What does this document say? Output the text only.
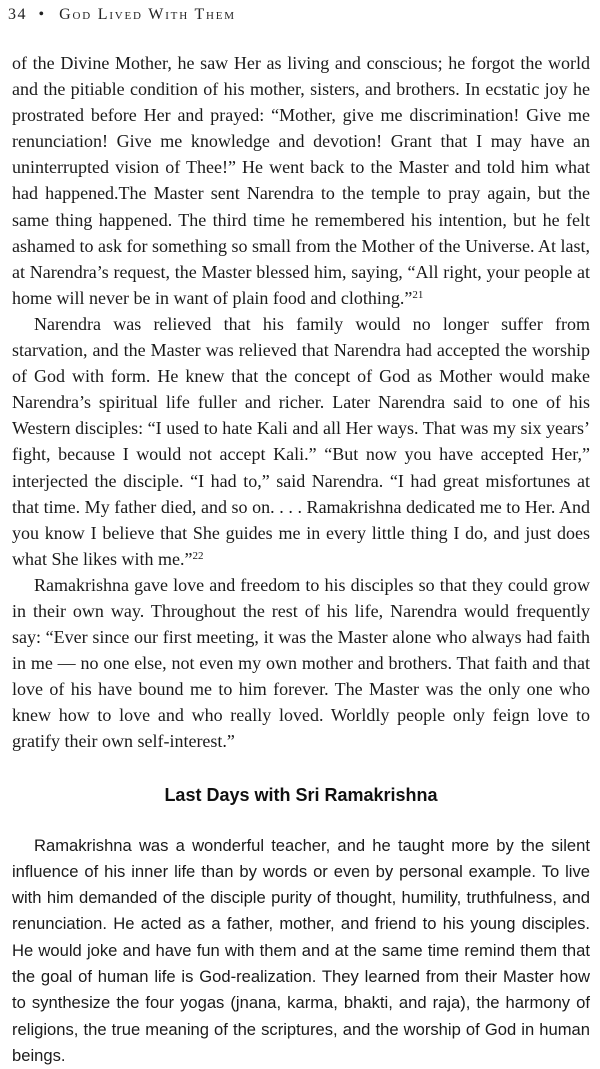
34 • God Lived With Them

of the Divine Mother, he saw Her as living and conscious; he forgot the world and the pitiable condition of his mother, sisters, and brothers. In ecstatic joy he prostrated before Her and prayed: “Mother, give me discrimination! Give me renunciation! Give me knowledge and devotion! Grant that I may have an uninterrupted vision of Thee!” He went back to the Master and told him what had happened.The Master sent Narendra to the temple to pray again, but the same thing happened. The third time he remembered his intention, but he felt ashamed to ask for something so small from the Mother of the Universe. At last, at Narendra’s request, the Master blessed him, saying, “All right, your people at home will never be in want of plain food and clothing.”$^{21}$

Narendra was relieved that his family would no longer suffer from starvation, and the Master was relieved that Narendra had accepted the worship of God with form. He knew that the concept of God as Mother would make Narendra’s spiritual life fuller and richer. Later Narendra said to one of his Western disciples: “I used to hate Kali and all Her ways. That was my six years’ fight, because I would not accept Kali.” “But now you have accepted Her,” interjected the disciple. “I had to,” said Narendra. “I had great misfortunes at that time. My father died, and so on. . . . Ramakrishna dedicated me to Her. And you know I believe that She guides me in every little thing I do, and just does what She likes with me.”$^{22}$

Ramakrishna gave love and freedom to his disciples so that they could grow in their own way. Throughout the rest of his life, Narendra would frequently say: “Ever since our first meeting, it was the Master alone who always had faith in me — no one else, not even my own mother and brothers. That faith and that love of his have bound me to him forever. The Master was the only one who knew how to love and who really loved. Worldly people only feign love to gratify their own self-interest.”

Last Days with Sri Ramakrishna

Ramakrishna was a wonderful teacher, and he taught more by the silent influence of his inner life than by words or even by personal example. To live with him demanded of the disciple purity of thought, humility, truthfulness, and renunciation. He acted as a father, mother, and friend to his young disciples. He would joke and have fun with them and at the same time remind them that the goal of human life is God-realization. They learned from their Master how to synthesize the four yogas (jnana, karma, bhakti, and raja), the harmony of religions, the true meaning of the scriptures, and the worship of God in human beings.
